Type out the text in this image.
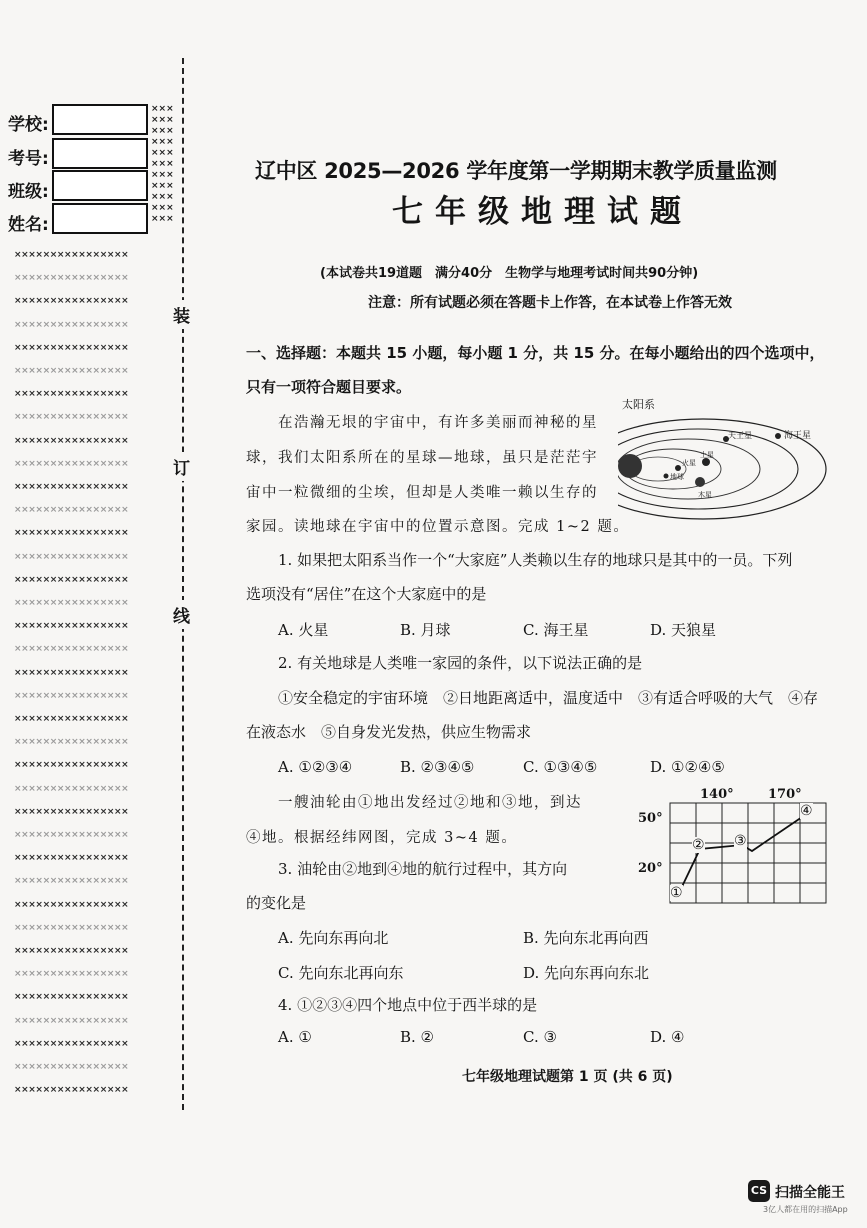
学校:
考号:
班级:
姓名:
×××
×××
×××
×××
×××
×××
×××
×××
×××
×××
×××
××××××××××××××××
××××××××××××××××
××××××××××××××××
××××××××××××××××
××××××××××××××××
××××××××××××××××
××××××××××××××××
××××××××××××××××
××××××××××××××××
××××××××××××××××
××××××××××××××××
××××××××××××××××
××××××××××××××××
××××××××××××××××
××××××××××××××××
××××××××××××××××
××××××××××××××××
××××××××××××××××
××××××××××××××××
××××××××××××××××
××××××××××××××××
××××××××××××××××
××××××××××××××××
××××××××××××××××
××××××××××××××××
××××××××××××××××
××××××××××××××××
××××××××××××××××
××××××××××××××××
××××××××××××××××
××××××××××××××××
××××××××××××××××
××××××××××××××××
××××××××××××××××
××××××××××××××××
××××××××××××××××
××××××××××××××××
装
订
线
辽中区 2025—2026 学年度第一学期期末教学质量监测
七年级地理试题
(本试卷共19道题　满分40分　生物学与地理考试时间共90分钟)
注意：所有试题必须在答题卡上作答，在本试卷上作答无效
一、选择题：本题共 15 小题，每小题 1 分，共 15 分。在每小题给出的四个选项中，
只有一项符合题目要求。
在浩瀚无垠的宇宙中，有许多美丽而神秘的星
球，我们太阳系所在的星球—地球，虽只是茫茫宇
宙中一粒微细的尘埃，但却是人类唯一赖以生存的
家园。读地球在宇宙中的位置示意图。完成 1~2 题。
太阳系
天王星	海王星
土星
火星
地球
木星
1. 如果把太阳系当作一个“大家庭”人类赖以生存的地球只是其中的一员。下列
选项没有“居住”在这个大家庭中的是
A. 火星	B. 月球	C. 海王星	D. 天狼星
2. 有关地球是人类唯一家园的条件，以下说法正确的是
①安全稳定的宇宙环境　②日地距离适中，温度适中　③有适合呼吸的大气　④存
在液态水　⑤自身发光发热，供应生物需求
A. ①②③④	B. ②③④⑤	C. ①③④⑤	D. ①②④⑤
一艘油轮由①地出发经过②地和③地，到达
④地。根据经纬网图，完成 3~4 题。
140°	170°
50°
20°
①
② ③
④
3. 油轮由②地到④地的航行过程中，其方向
的变化是
A. 先向东再向北	B. 先向东北再向西
C. 先向东北再向东	D. 先向东再向东北
4. ①②③④四个地点中位于西半球的是
A. ①	B. ②	C. ③	D. ④
七年级地理试题第 1 页 (共 6 页)
CS 扫描全能王
3亿人都在用的扫描App
